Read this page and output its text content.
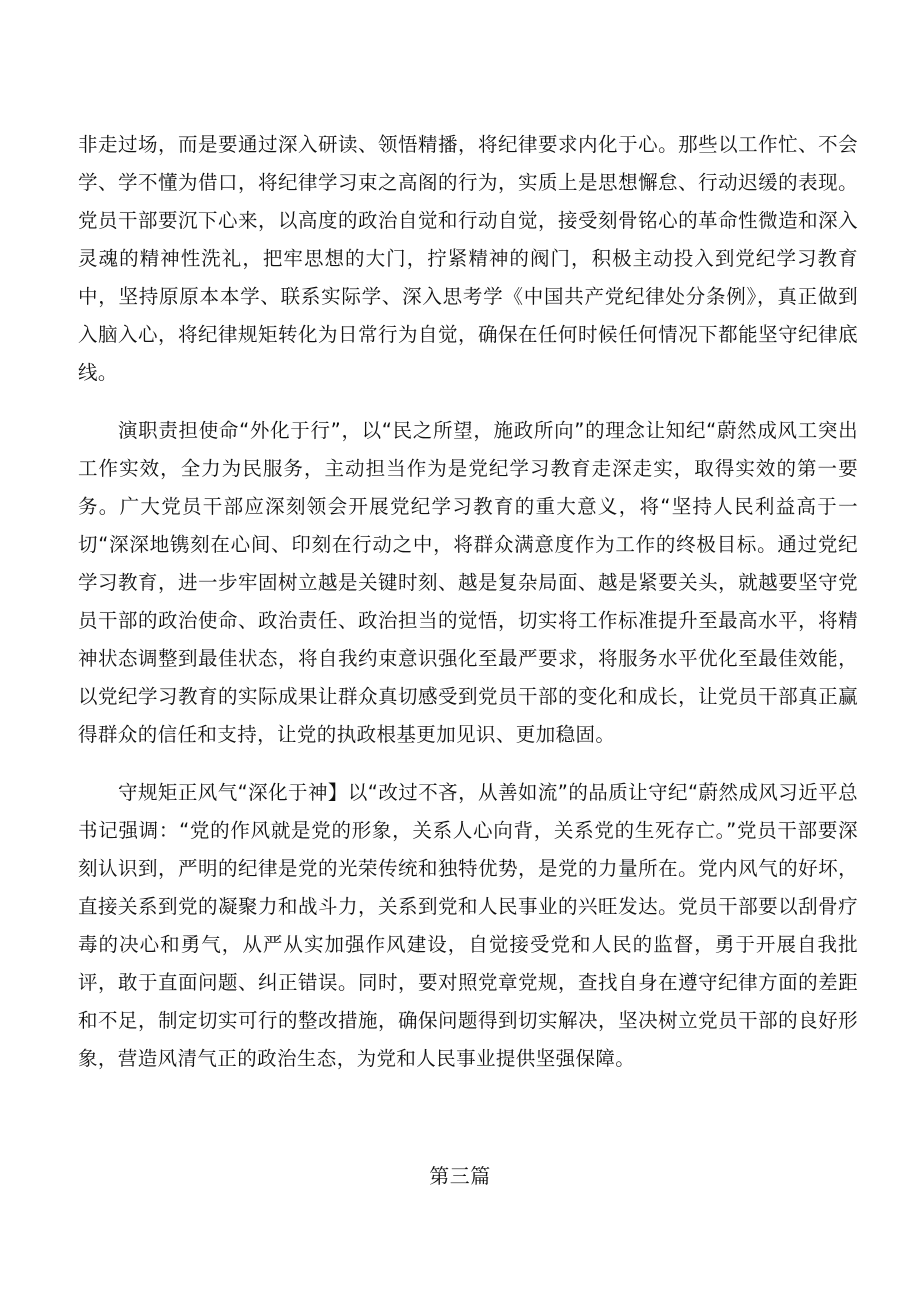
非走过场，而是要通过深入研读、领悟精播，将纪律要求内化于心。那些以工作忙、不会学、学不懂为借口，将纪律学习束之高阁的行为，实质上是思想懈怠、行动迟缓的表现。党员干部要沉下心来，以高度的政治自觉和行动自觉，接受刻骨铭心的革命性微造和深入灵魂的精神性洗礼，把牢思想的大门，拧紧精神的阀门，积极主动投入到党纪学习教育中，坚持原原本本学、联系实际学、深入思考学《中国共产党纪律处分条例》，真正做到入脑入心，将纪律规矩转化为日常行为自觉，确保在任何时候任何情况下都能坚守纪律底线。

演职责担使命“外化于行”，以“民之所望，施政所向”的理念让知纪“蔚然成风工突出工作实效，全力为民服务，主动担当作为是党纪学习教育走深走实，取得实效的第一要务。广大党员干部应深刻领会开展党纪学习教育的重大意义，将“坚持人民利益高于一切“深深地镌刻在心间、印刻在行动之中，将群众满意度作为工作的终极目标。通过党纪学习教育，进一步牢固树立越是关键时刻、越是复杂局面、越是紧要关头，就越要坚守党员干部的政治使命、政治责任、政治担当的觉悟，切实将工作标准提升至最高水平，将精神状态调整到最佳状态，将自我约束意识强化至最严要求，将服务水平优化至最佳效能，以党纪学习教育的实际成果让群众真切感受到党员干部的变化和成长，让党员干部真正赢得群众的信任和支持，让党的执政根基更加见识、更加稳固。

守规矩正风气“深化于神】以“改过不吝，从善如流”的品质让守纪“蔚然成风习近平总书记强调：“党的作风就是党的形象，关系人心向背，关系党的生死存亡。”党员干部要深刻认识到，严明的纪律是党的光荣传统和独特优势，是党的力量所在。党内风气的好坏，直接关系到党的凝聚力和战斗力，关系到党和人民事业的兴旺发达。党员干部要以刮骨疗毒的决心和勇气，从严从实加强作风建设，自觉接受党和人民的监督，勇于开展自我批评，敢于直面问题、纠正错误。同时，要对照党章党规，查找自身在遵守纪律方面的差距和不足，制定切实可行的整改措施，确保问题得到切实解决，坚决树立党员干部的良好形象，营造风清气正的政治生态，为党和人民事业提供坚强保障。

第三篇
